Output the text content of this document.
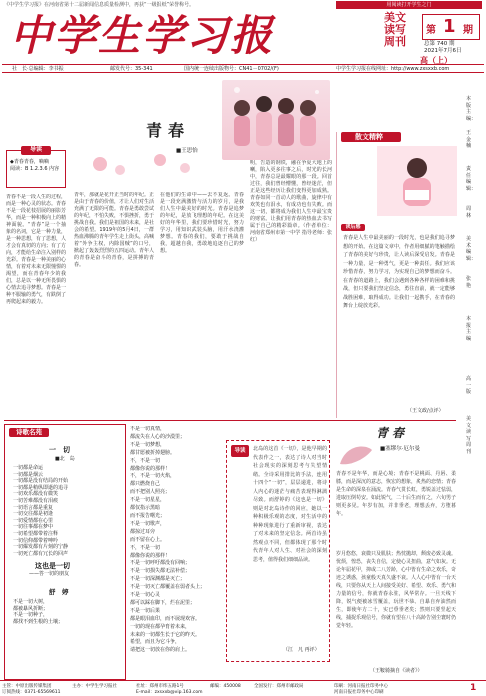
《中学生学习报》在河南省第十二届新闻信息质量检测中，再获“一级报纸”荣誉称号。	用阅读打开学生之门
中学生学习报	美文读写周刊
第 1 期
总第 740 期
2021年7月6日
高（上）
社　长·总编辑：李书振	邮发代号：35-341	国内统一连续出版物号：CN41－0702/(F)	中学生学习报在线网址：http://www.zxsxxb.com
青春
■王思怡
导读
◆青春青春，嘀嘀
阅读：B 1.2.3.6 内容
青春不是一段人生的过程，而是一种心灵的状态。青春不是一段花枝招展的丽影芳华，而是一种积极向上的精神面貌。“青春”是一个抽象的名词，它是一种力量，是一种思想，有了思想，人才会有真切的方向；有了方向，才能给生命注入别样的光彩。青春是一种美丽的心情，有着对未来无限憧憬的渴望，而在青春年少的我们，总是以一种无所畏惧的心情去追寻梦想。青春是一种不服输的勇气，有跌倒了再爬起来的毅力。
青年，那就是花开正当时的年纪。正是由于青春的价值，才让人们对生活充满了无限的可能。青春是勇敢尝试的年纪，不怕失败，不惧挫折，勇于挑战自我。我们是祖国的未来，是社会的希望。1919年的5月4日，一群热血沸腾的青年学生走上街头，高喊着“外争主权，内除国贼”的口号，掀起了轰轰烈烈的五四运动。青年人的青春是奋斗的青春，是拼搏的青春。
在他们的生命中——去不复返。青春是一段充满激情与活力的岁月，是我们人生中最美好的时光。青春是追梦的年纪，是放飞理想的年纪。在这美好的年华里，我们要珍惜时光，努力学习，用知识武装头脑，用汗水浇灌梦想。青春的我们，要敢于挑战自我，超越自我，勇敢地追逐自己的梦想。
明，告造的钢铁，融在争夏大地上的喇，陷入更多往事之后，时光的长河中，青春总是最耀眼的那一段。回首过往，我们曾经懵懂，曾经迷茫，但正是这些经历让我们变得更加成熟。青春如同一首动人的歌曲，旋律中有欢笑也有泪水，有成功也有失败。而这一切，都将成为我们人生中最宝贵的财富。让我们用青春的热血去书写属于自己的精彩篇章。（作者单位：河南省郑州市第一中学 指导老师：张红）
散文精粹
读后感
青春是人生中最美丽的一段时光，也是我们追寻梦想的开始。在这篇文章中，作者用细腻的笔触描绘了青春的美好与珍贵，让人读后深受启发。青春是一种力量，是一种勇气，更是一种责任。我们应该珍惜青春，努力学习，为实现自己的梦想而奋斗。在青春的道路上，我们会遇到各种各样的困难和挑战，但只要我们坚定信念，勇往直前，就一定能够战胜困难，取得成功。让我们一起携手，在青春的舞台上绽放光彩。
（王文政/点评）
本版主编：
王金楠
责任编辑：
周 林
美术编辑：
张 艳
本报主编
高一版
美文读写周刊
诗歌名苑
一　切
■北　岛
一切都是命运
一切都是烟云
一切都是没有结局的开始
一切都是稍纵即逝的追寻
一切欢乐都没有微笑
一切苦难都没有泪痕
一切语言都是重复
一切交往都是初逢
一切爱情都在心里
一切往事都在梦中
一切希望都带着注释
一切信仰都带着呻吟
一切爆发都有片刻的宁静
一切死亡都有冗长的回声
这也是一切
——答一切的朋友
舒　婷
不是一切大树，
都被暴风折断；
不是一切种子，
都找不到生根的土壤；
不是一切真情，
都流失在人心的沙漠里；
不是一切梦想，
都甘愿被折掉翅膀。
不，不是一切
都像你说的那样！
不，不是一切火焰，
都只燃烧自己
而不把别人照亮；
不是一切星星，
都仅指示黑暗
而不报告曙光；
不是一切歌声，
都掠过耳旁
而不留在心上。
不，不是一切
都像你说的那样！
不是一切呼吁都没有回响；
不是一切损失都无法补偿；
不是一切深渊都是灭亡；
不是一切灭亡都覆盖在弱者头上；
不是一切心灵
都可以踩在脚下，烂在泥里；
不是一切后果
都是眼泪血印，而不展现欢容。
一切的现在都孕育着未来，
未来的一切都生长于它的昨天。
希望，而且为它斗争，
请把这一切放在你的肩上。
导读	北岛的这首《一切》，是他早期的代表作之一，表达了诗人对当时社会现实的深刻思考与失望情绪。全诗采用排比的手法，连用十四个“一切”，层层递进，将诗人内心的迷茫与痛苦表现得淋漓尽致。而舒婷的《这也是一切》则是对北岛诗作的回应，她以一种积极乐观的态度，对生活中的种种现象进行了重新审视，表达了对未来的坚定信念。两首诗虽然观点不同，但都体现了那个时代青年人对人生、对社会的深刻思考，值得我们细细品读。
（江　凡 再评）
青春
■塞缪尔·厄尔曼
青春不是年华，而是心境；青春不是桃面、丹唇、柔膝，而是深沉的意志，恢宏的想象，炙热的恋情；青春是生命的深泉在涌流。青春气贯长虹，勇锐盖过怯弱，进取压倒苟安。如此锐气，二十后生而有之，六旬男子则更多见。年岁有加，并非垂老，理想丢弃，方堕暮年。
岁月悠悠，衰微只及肌肤；热忱抛却，颓废必致灵魂。忧烦，惶恐，丧失自信，定使心灵扭曲，意气如灰。无论年届花甲，抑或二八芳龄，心中皆有生命之欢乐，奇迹之诱惑，孩童般天真久盛不衰。人人心中皆有一台天线，只要你从天上人间接受美好、希望、欢乐、勇气和力量的信号，你就青春永驻，风华常存。一旦天线下降，锐气便被冰雪覆盖，玩世不恭、自暴自弃油然而生，即使年方二十，实已垂垂老矣；然则只要竖起天线，捕捉乐观信号，你就有望在八十高龄告别尘寰时仍觉年轻。
（王鞍骑摘自《读者》）
主管：中原出版传媒集团	主办：中学生学习报社	社址：郑州市纬五路1号	邮编：450008	全国发行：郑州市邮政局	印刷：河南日报社印务中心
订阅热线：0371-65569611	E-mail：zxsxxb@vip.163.com	河南日报社印务中心印刷	1
